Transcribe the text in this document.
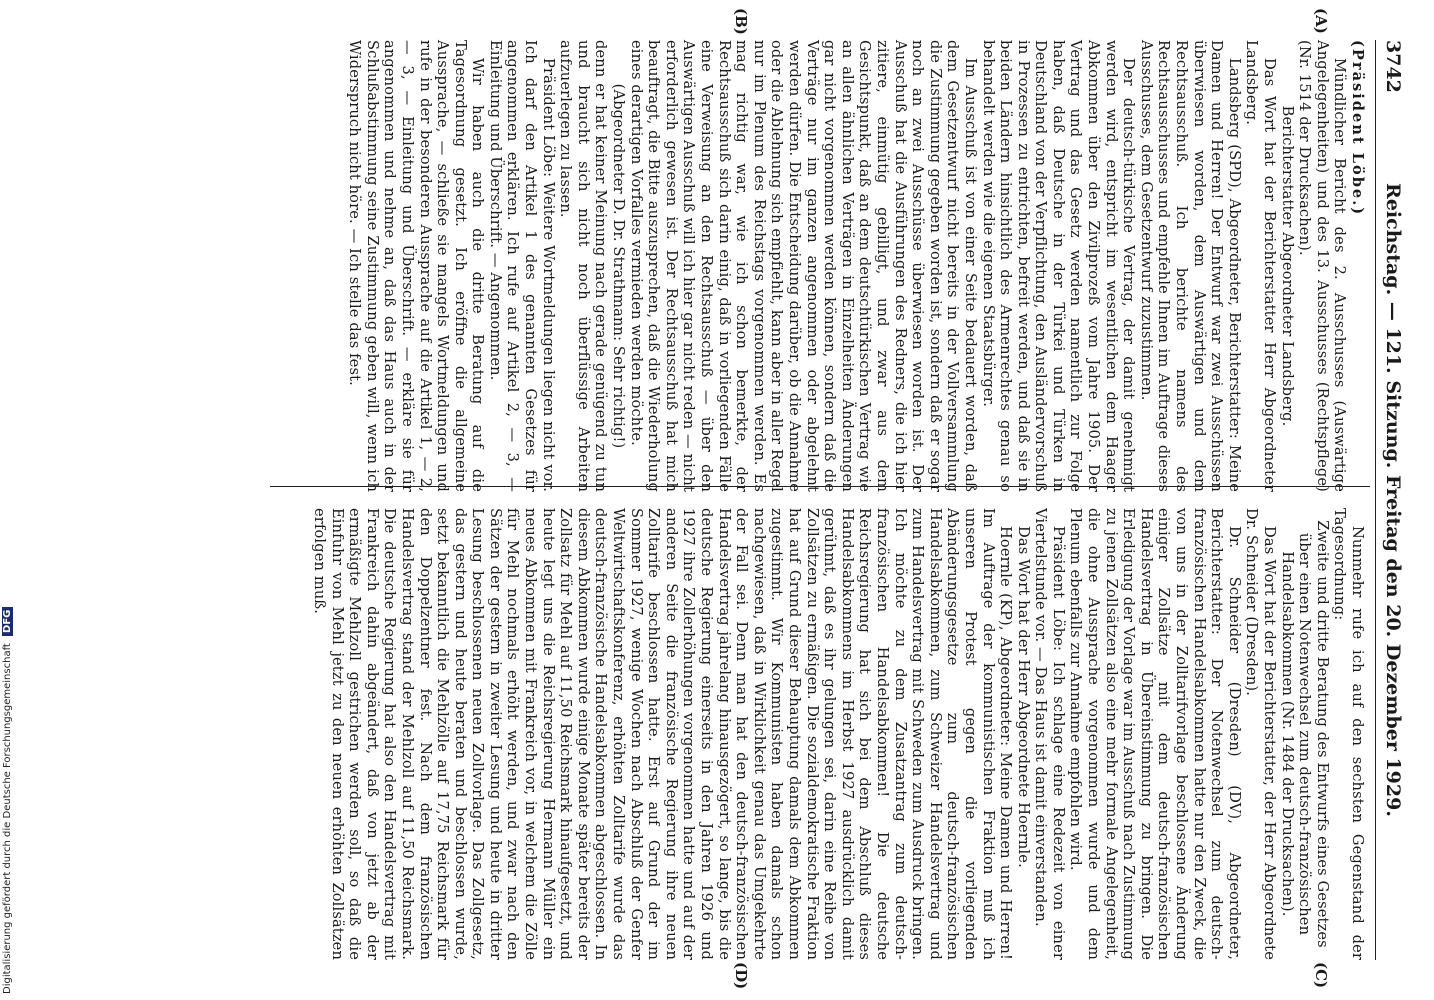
3742
Reichstag. — 121. Sitzung. Freitag den 20. Dezember 1929.
(A)
(B)
(C)
(D)

(Präsident Löbe.)

Mündlicher Bericht des 2. Ausschusses (Auswärtige Angelegenheiten) und des 13. Ausschusses (Rechtspflege) (Nr. 1514 der Drucksachen).

Berichterstatter Abgeordneter Landsberg.

Das Wort hat der Berichterstatter Herr Abgeordneter Landsberg.

Landsberg (SPD), Abgeordneter, Berichterstatter: Meine Damen und Herren! Der Entwurf war zwei Ausschüssen überwiesen worden, dem Auswärtigen und dem Rechtsausschuß. Ich berichte namens des Rechtsausschusses und empfehle Ihnen im Auftrage dieses Ausschusses, dem Gesetzentwurf zuzustimmen.

Der deutsch-türkische Vertrag, der damit genehmigt werden wird, entspricht im wesentlichen dem Haager Abkommen über den Zivilprozeß vom Jahre 1905. Der Vertrag und das Gesetz werden namentlich zur Folge haben, daß Deutsche in der Türkei und Türken in Deutschland von der Verpflichtung, den Ausländervorschuß in Prozessen zu entrichten, befreit werden, und daß sie in beiden Ländern hinsichtlich des Armenrechtes genau so behandelt werden wie die eigenen Staatsbürger.

Im Ausschuß ist von einer Seite bedauert worden, daß dem Gesetzentwurf nicht bereits in der Vollversammlung die Zustimmung gegeben worden ist, sondern daß er sogar noch an zwei Ausschüsse überwiesen worden ist. Der Ausschuß hat die Ausführungen des Redners, die ich hier zitiere, einmütig gebilligt, und zwar aus dem Gesichtspunkt, daß an dem deutschtürkischen Vertrag wie an allen ähnlichen Verträgen in Einzelheiten Änderungen gar nicht vorgenommen werden können, sondern daß die Verträge nur im ganzen angenommen oder abgelehnt werden dürfen. Die Entscheidung darüber, ob die Annahme oder die Ablehnung sich empfiehlt, kann aber in aller Regel nur im Plenum des Reichstags vorgenommen werden. Es mag richtig war, wie ich schon bemerkte, der Rechtsausschuß sich darin einig, daß in vorliegenden Fälle eine Verweisung an den Rechtsausschuß — über den Auswärtigen Ausschuß will ich hier gar nicht reden — nicht erforderlich gewesen ist. Der Rechtsausschuß hat mich beauftragt, die Bitte auszusprechen, daß die Wiederholung eines derartigen Vorfalles vermieden werden möchte.

(Abgeordneter D. Dr. Strathmann: Sehr richtig!)

denn er hat keiner Meinung nach gerade genügend zu tun und braucht sich nicht noch überflüssige Arbeiten aufzuerlegen zu lassen.

Präsident Löbe: Weitere Wortmeldungen liegen nicht vor. Ich darf den Artikel 1 des genannten Gesetzes für angenommen erklären. Ich rufe auf Artikel 2, — 3, — Einleitung und Überschrift. — Angenommen.

Wir haben auch die dritte Beratung auf die Tagesordnung gesetzt. Ich eröffne die allgemeine Aussprache, — schließe sie mangels Wortmeldungen und rufe in der besonderen Aussprache auf die Artikel 1, — 2, — 3, — Einleitung und Überschrift. — erkläre sie für angenommen und nehme an, daß das Haus auch in der Schlußabstimmung seine Zustimmung geben will, wenn ich Widerspruch nicht höre. — Ich stelle das fest.

Nunmehr rufe ich auf den sechsten Gegenstand der Tagesordnung:

Zweite und dritte Beratung des Entwurfs eines Gesetzes über einen Notenwechsel zum deutsch-französischen Handelsabkommen (Nr. 1484 der Drucksachen).

Das Wort hat der Berichterstatter, der Herr Abgeordnete Dr. Schneider (Dresden).

Dr. Schneider (Dresden) (DV), Abgeordneter, Berichterstatter: Der Notenwechsel zum deutsch-französischen Handelsabkommen hatte nur den Zweck, die von uns in der Zolltarifvorlage beschlossene Änderung einiger Zollsätze mit dem deutsch-französischen Handelsvertrag in Übereinstimmung zu bringen. Die Erledigung der Vorlage war im Ausschuß nach Zustimmung zu jenen Zollsätzen also eine mehr formale Angelegenheit, die ohne Aussprache vorgenommen wurde und dem Plenum ebenfalls zur Annahme empfohlen wird.

Präsident Löbe: Ich schlage eine Redezeit von einer Viertelstunde vor. — Das Haus ist damit einverstanden.

Das Wort hat der Herr Abgeordnete Hoernle.

Hoernle (KP), Abgeordneter: Meine Damen und Herren! Im Auftrage der kommunistischen Fraktion muß ich unseren Protest gegen die vorliegenden Abänderungsgesetze zum deutsch-französischen Handelsabkommen, zum Schweizer Handelsvertrag und zum Handelsvertrag mit Schweden zum Ausdruck bringen. Ich möchte zu dem Zusatzantrag zum deutsch-französischen Handelsabkommen! Die deutsche Reichsregierung hat sich bei dem Abschluß dieses Handelsabkommens im Herbst 1927 ausdrücklich damit gerühmt, daß es ihr gelungen sei, darin eine Reihe von Zollsätzen zu ermäßigen. Die sozialdemokratische Fraktion hat auf Grund dieser Behauptung damals dem Abkommen zugestimmt. Wir Kommunisten haben damals schon nachgewiesen, daß in Wirklichkeit genau das Umgekehrte der Fall sei. Denn man hat den deutsch-französischen Handelsvertrag jahrelang hinausgezögert, so lange, bis die deutsche Regierung einerseits in den Jahren 1926 und 1927 ihre Zollerhöhungen vorgenommen hatte und auf der anderen Seite die französische Regierung ihre neuen Zolltarife beschlossen hatte. Erst auf Grund der im Sommer 1927, wenige Wochen nach Abschluß der Genfer Weltwirtschaftskonferenz, erhöhten Zolltarife wurde das deutsch-französische Handelsabkommen abgeschlossen. In diesem Abkommen wurde einige Monate später bereits der Zollsatz für Mehl auf 11,50 Reichsmark hinaufgesetzt, und heute legt uns die Reichsregierung Hermann Müller ein neues Abkommen mit Frankreich vor, in welchem die Zölle für Mehl nochmals erhöht werden, und zwar nach den Sätzen der gestern in zweiter Lesung und heute in dritter Lesung beschlossenen neuen Zollvorlage. Das Zollgesetz, das gestern und heute beraten und beschlossen wurde, setzt bekanntlich die Mehlzölle auf 17,75 Reichsmark für den Doppelzentner fest. Nach dem französischen Handelsvertrag stand der Mehlzoll auf 11,50 Reichsmark. Die deutsche Regierung hat also den Handelsvertrag mit Frankreich dahin abgeändert, daß von jetzt ab der ermäßigte Mehlzoll gestrichen werden soll, so daß die Einfuhr von Mehl jetzt zu den neuen erhöhten Zollsätzen erfolgen muß.

Digitalisierung gefördert durch die Deutsche Forschungsgemeinschaft DFG
